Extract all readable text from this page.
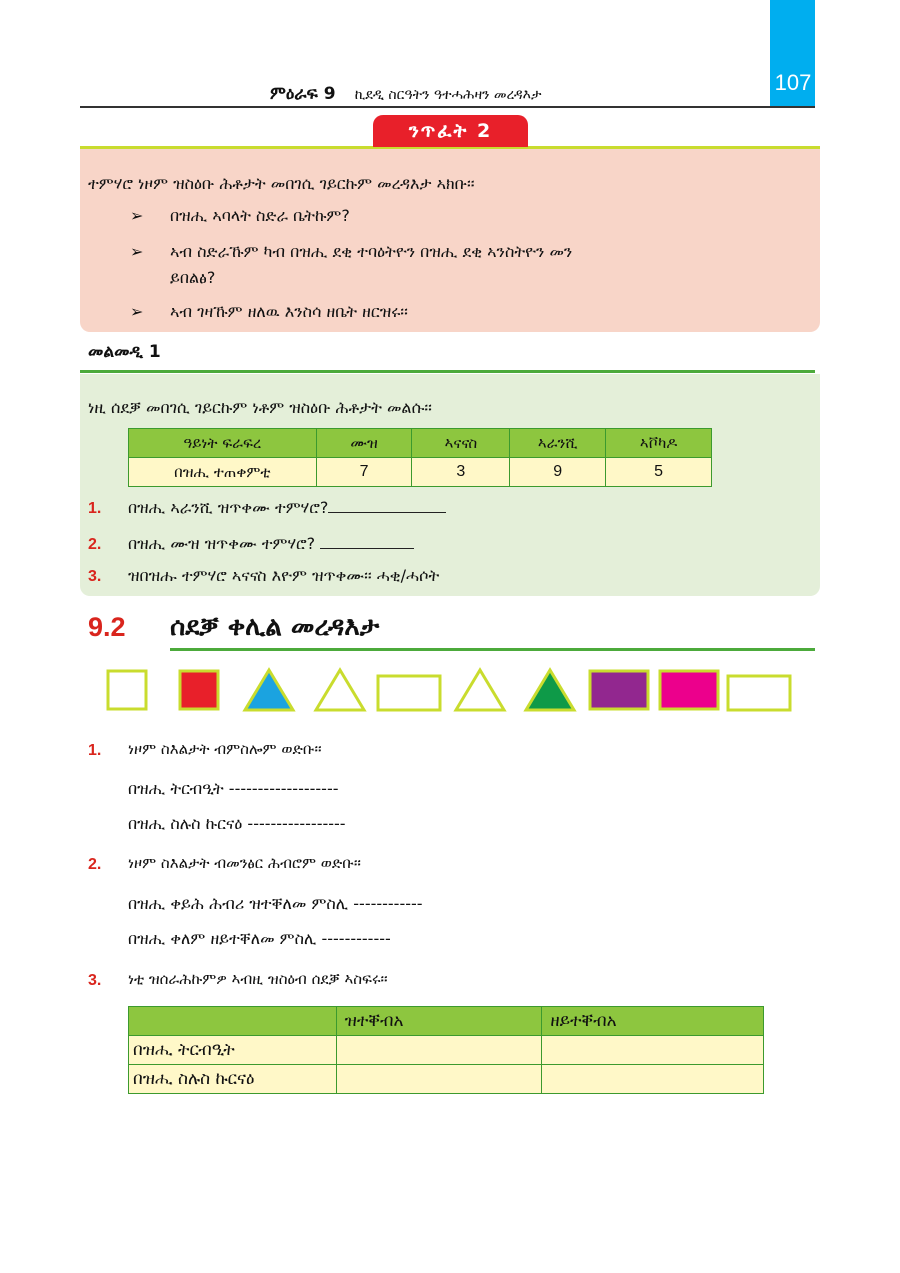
107
ምዕራፍ 9 ኪደዲ ስርዓትን ዓተሓሕዛን መረዳእታ
ንጥፈት 2
ተምሃሮ ነዞም ዝስዕቡ ሕቶታት መበገሲ ገይርኩም መረዳእታ ኣክቡ፡፡
➢ በዝሒ ኣባላት ስድራ ቤትኩም?
➢ ኣብ ስድራኹም ካብ በዝሒ ደቂ ተባዕትዮን በዝሒ ደቂ ኣንስትዮን መን
ይበልፅ?
➢ ኣብ ገዛኹም ዘለዉ እንስሳ ዘቤት ዘርዝሩ፡፡
መልመዲ 1
ነዚ ሰደቓ መበገሲ ገይርኩም ነቶም ዝስዕቡ ሕቶታት መልሱ፡፡
ዓይነት ፍራፍረ	ሙዝ	ኣናናስ	ኣራንሺ	ኣቮካዶ
በዝሒ ተጠቀምቲ	7	3	9	5
1. በዝሒ ኣራንሺ ዝጥቀሙ ተምሃሮ?
2. በዝሒ ሙዝ ዝጥቀሙ ተምሃሮ?
3. ዝበዝሑ ተምሃሮ ኣናናስ እዮም ዝጥቀሙ፡፡ ሓቂ/ሓሶት
9.2 ሰደቓ ቀሊል መረዳእታ
1. ነዞም ስእልታት ብምስሎም ወድቡ፡፡
በዝሒ ትርብዒት -------------------
በዝሒ ስሉስ ኩርናዕ -----------------
2. ነዞም ስእልታት ብመንፅር ሕብሮም ወድቡ፡፡
በዝሒ ቀይሕ ሕብሪ ዝተቐለመ ምስሊ ------------
በዝሒ ቀለም ዘይተቐለመ ምስሊ ------------
3. ነቲ ዝሰራሕኩምዎ ኣብዚ ዝስዕብ ሰደቓ ኣስፍሩ፡፡
	ዝተቐብአ	ዘይተቐብአ
በዝሒ ትርብዒት		
በዝሒ ስሉስ ኩርናዕ		
